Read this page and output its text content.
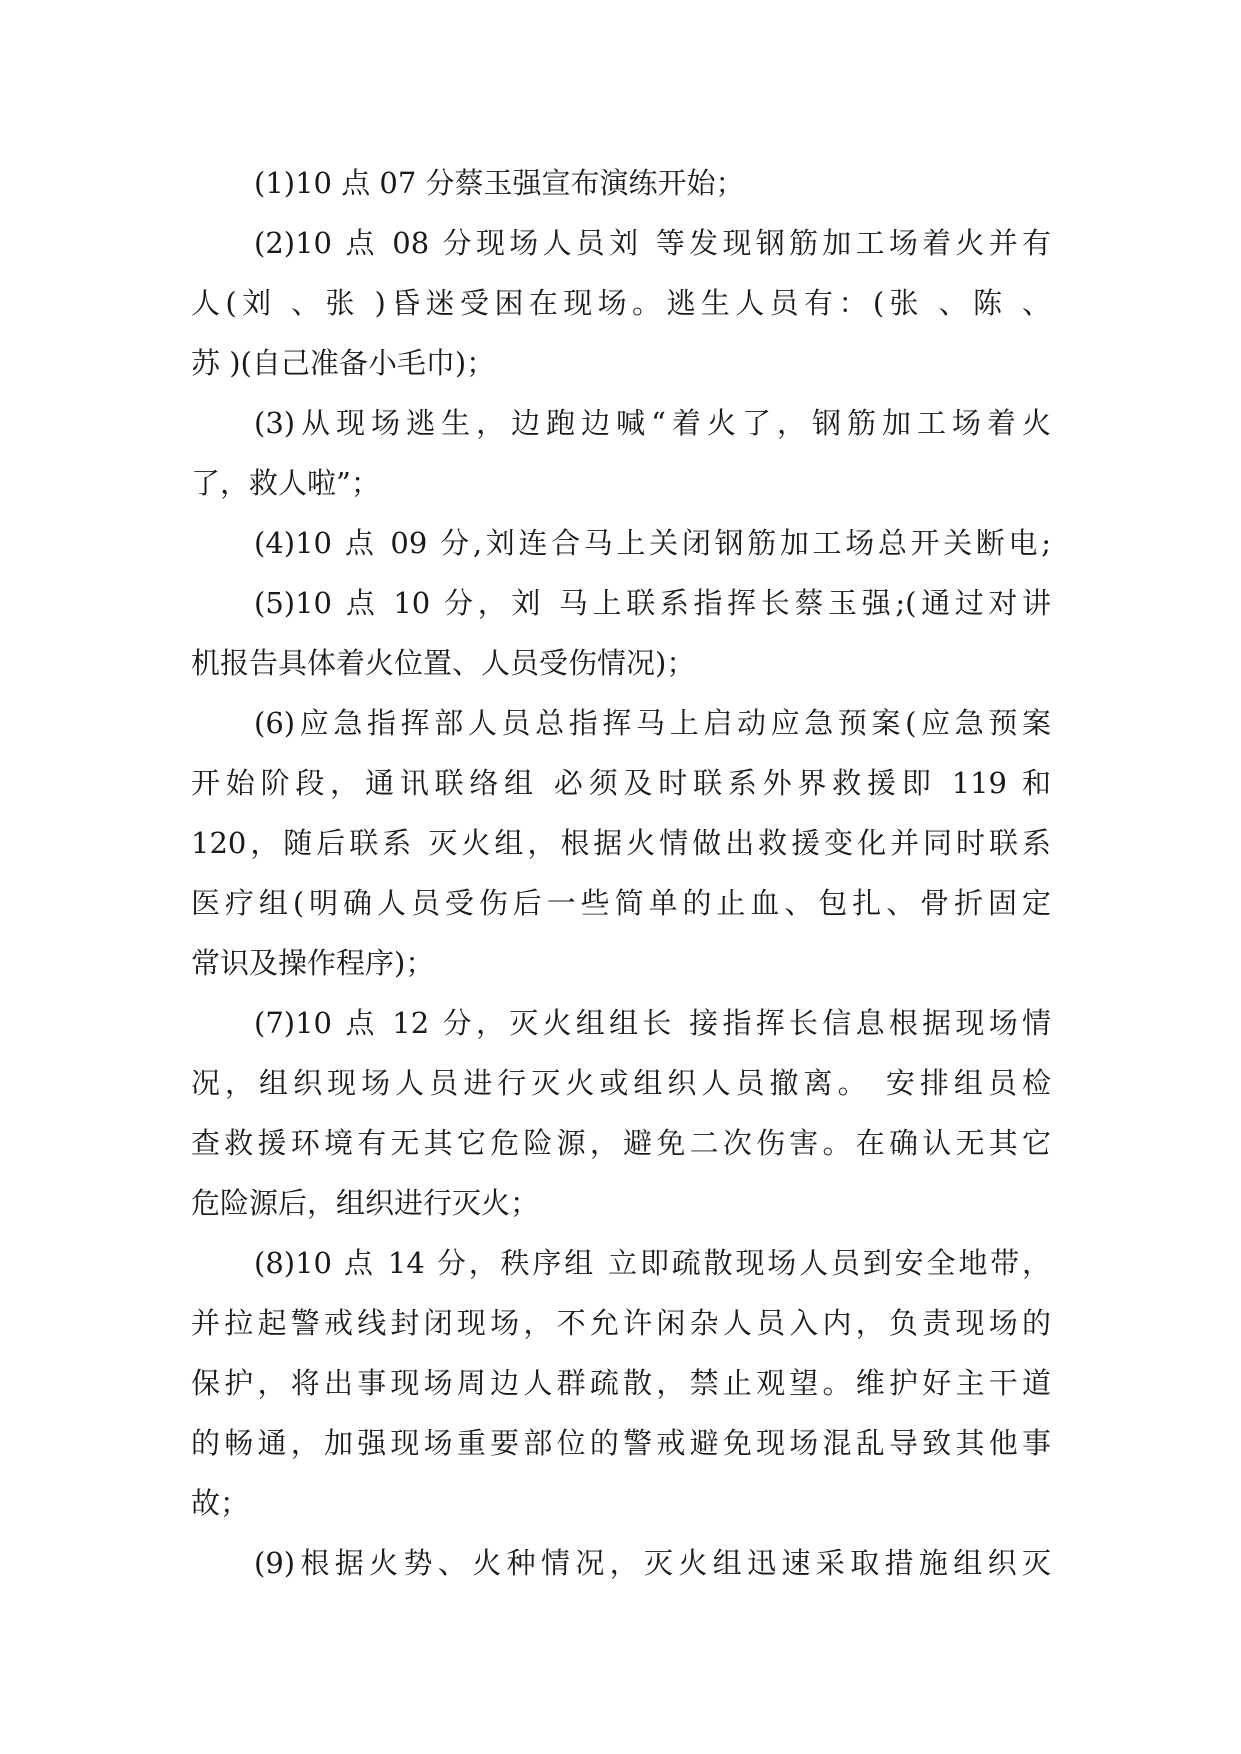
(1)10 点 07 分蔡玉强宣布演练开始；
(2)10 点 08 分现场人员刘 等发现钢筋加工场着火并有
人(刘 、张 )昏迷受困在现场。逃生人员有：(张 、陈 、
苏 )(自己准备小毛巾)；
(3)从现场逃生，边跑边喊“着火了，钢筋加工场着火
了，救人啦”；
(4)10 点 09 分,刘连合马上关闭钢筋加工场总开关断电;
(5)10 点 10 分，刘 马上联系指挥长蔡玉强;(通过对讲
机报告具体着火位置、人员受伤情况)；
(6)应急指挥部人员总指挥马上启动应急预案(应急预案
开始阶段，通讯联络组 必须及时联系外界救援即 119 和
120，随后联系 灭火组，根据火情做出救援变化并同时联系
医疗组(明确人员受伤后一些简单的止血、包扎、骨折固定
常识及操作程序)；
(7)10 点 12 分，灭火组组长 接指挥长信息根据现场情
况，组织现场人员进行灭火或组织人员撤离。 安排组员检
查救援环境有无其它危险源，避免二次伤害。在确认无其它
危险源后，组织进行灭火；
(8)10 点 14 分，秩序组 立即疏散现场人员到安全地带，
并拉起警戒线封闭现场，不允许闲杂人员入内，负责现场的
保护，将出事现场周边人群疏散，禁止观望。维护好主干道
的畅通，加强现场重要部位的警戒避免现场混乱导致其他事
故；
(9)根据火势、火种情况，灭火组迅速采取措施组织灭
